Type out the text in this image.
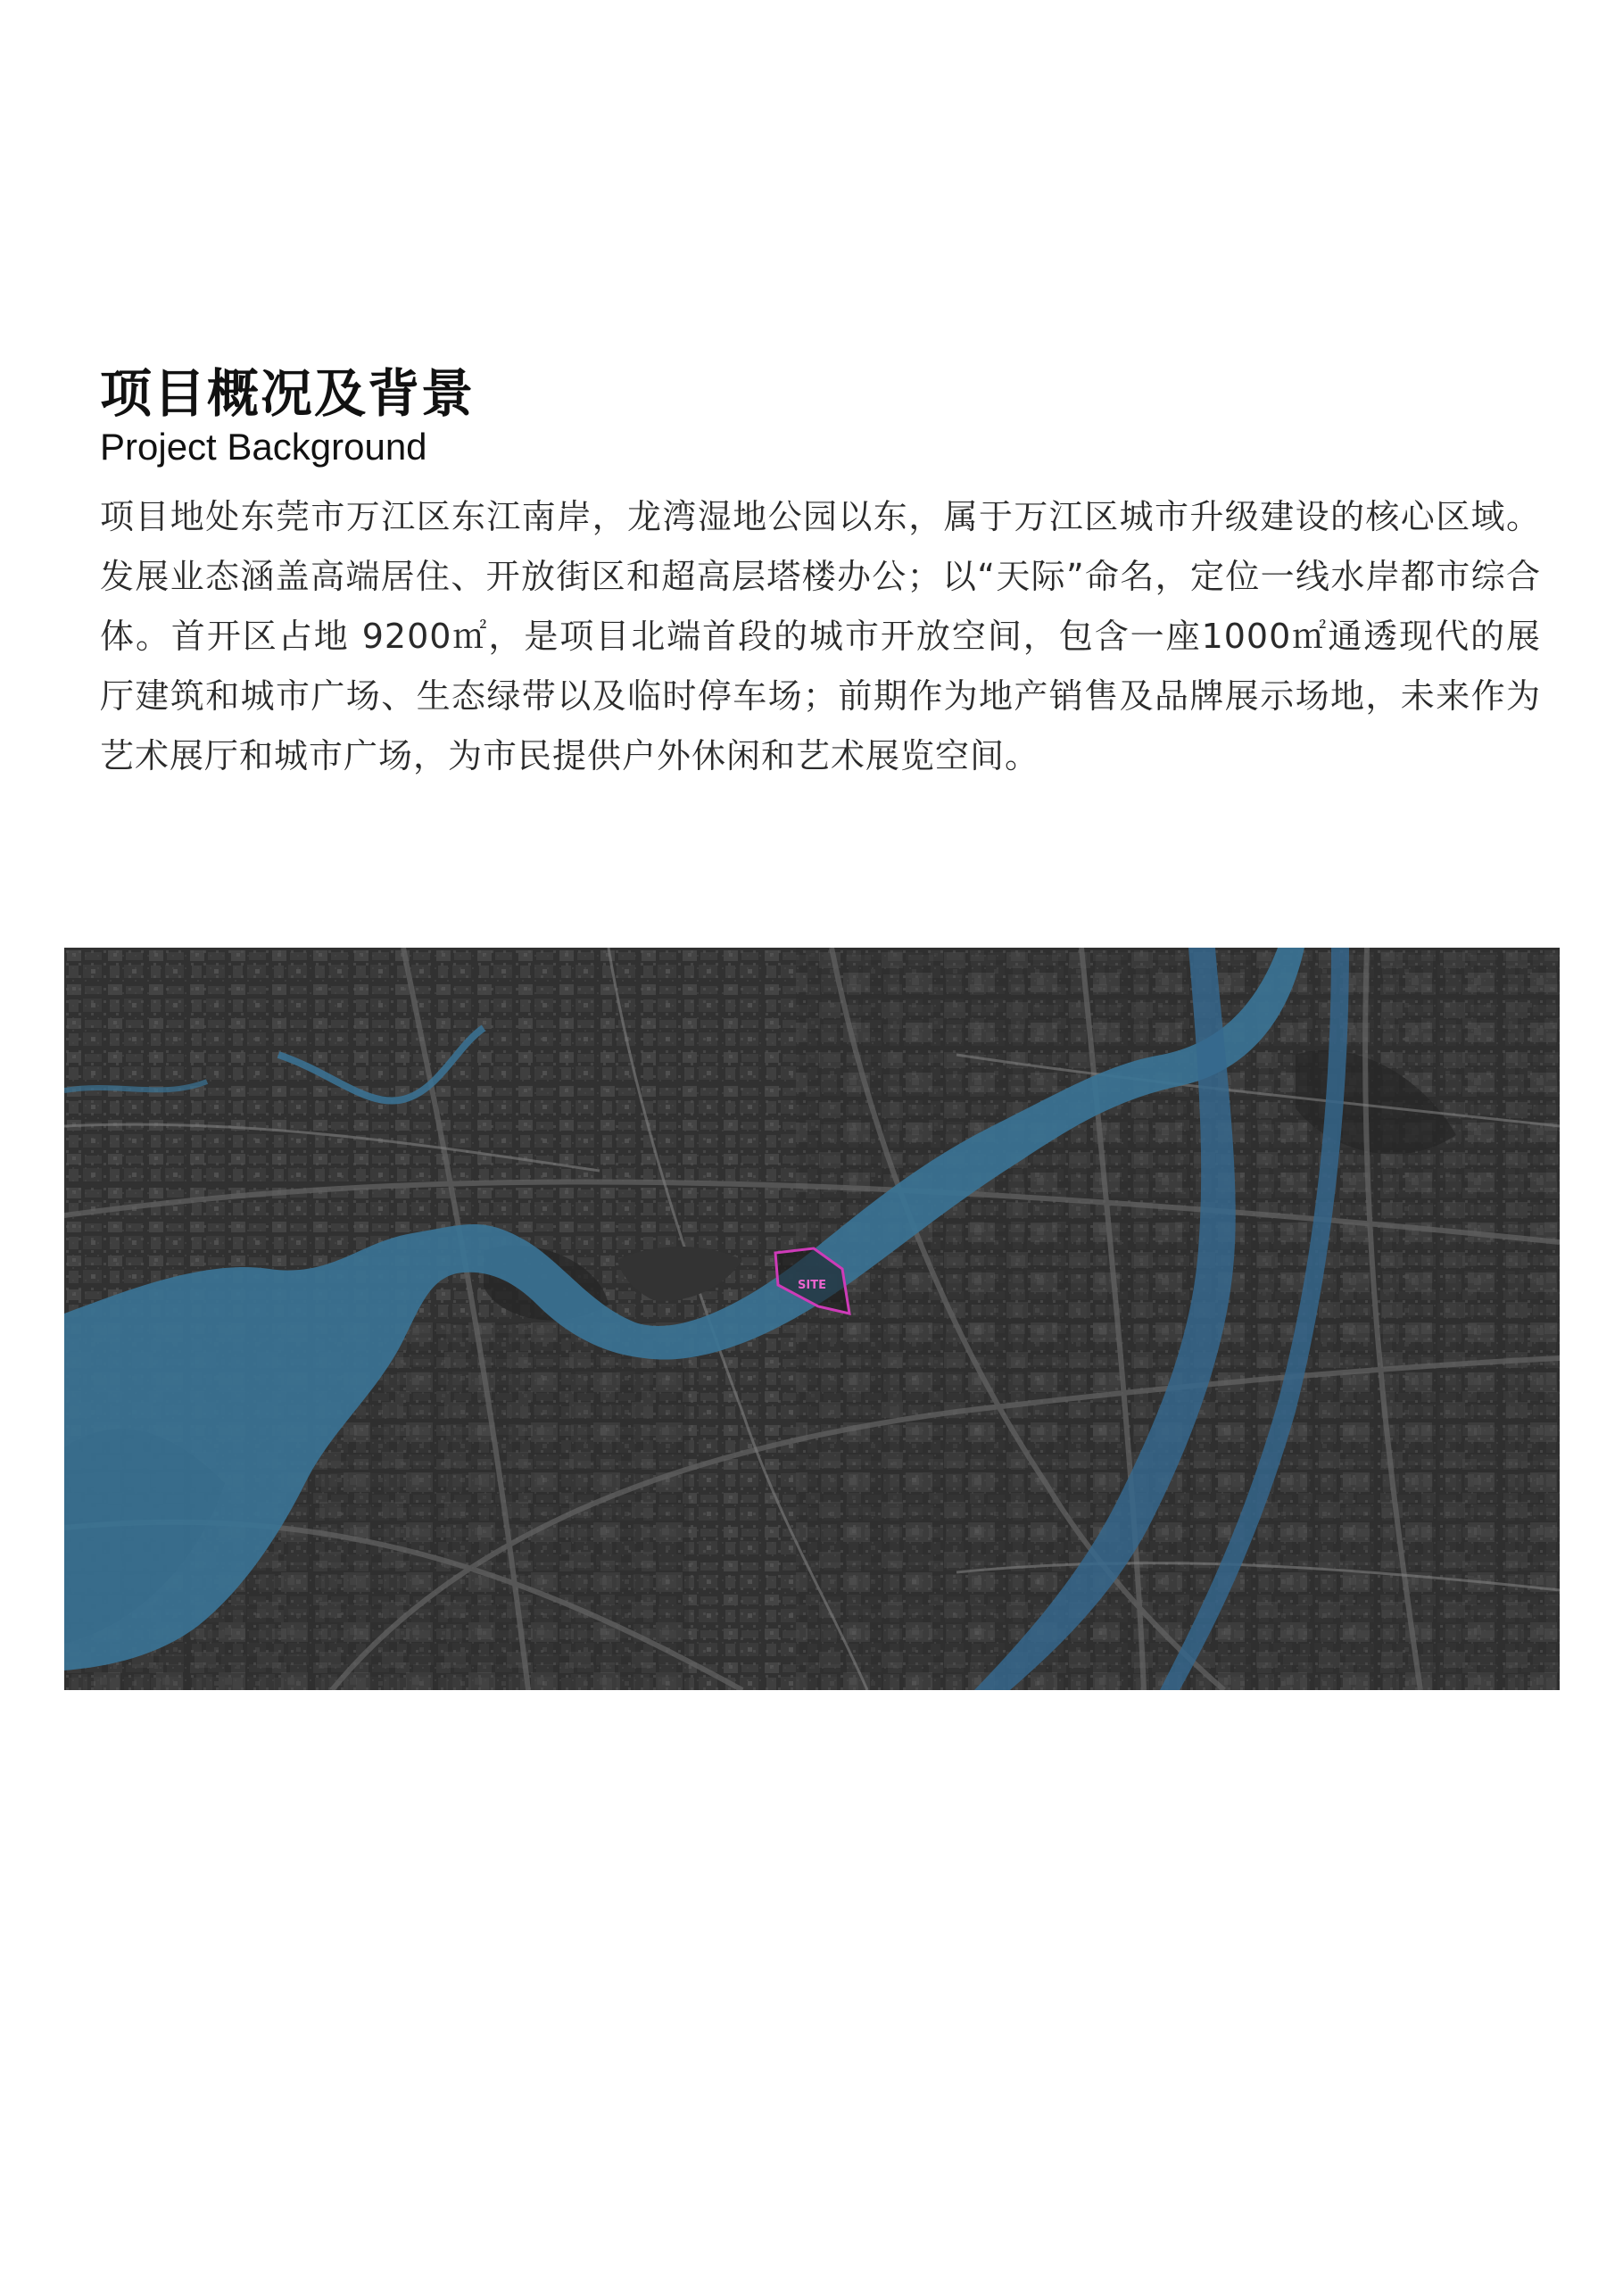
项目概况及背景
Project Background

项目地处东莞市万江区东江南岸，龙湾湿地公园以东，属于万江区城市升级建设的核心区域。发展业态涵盖高端居住、开放街区和超高层塔楼办公；以“天际”命名，定位一线水岸都市综合体。首开区占地 9200㎡，是项目北端首段的城市开放空间，包含一座1000㎡通透现代的展厅建筑和城市广场、生态绿带以及临时停车场；前期作为地产销售及品牌展示场地，未来作为艺术展厅和城市广场，为市民提供户外休闲和艺术展览空间。

SITE
